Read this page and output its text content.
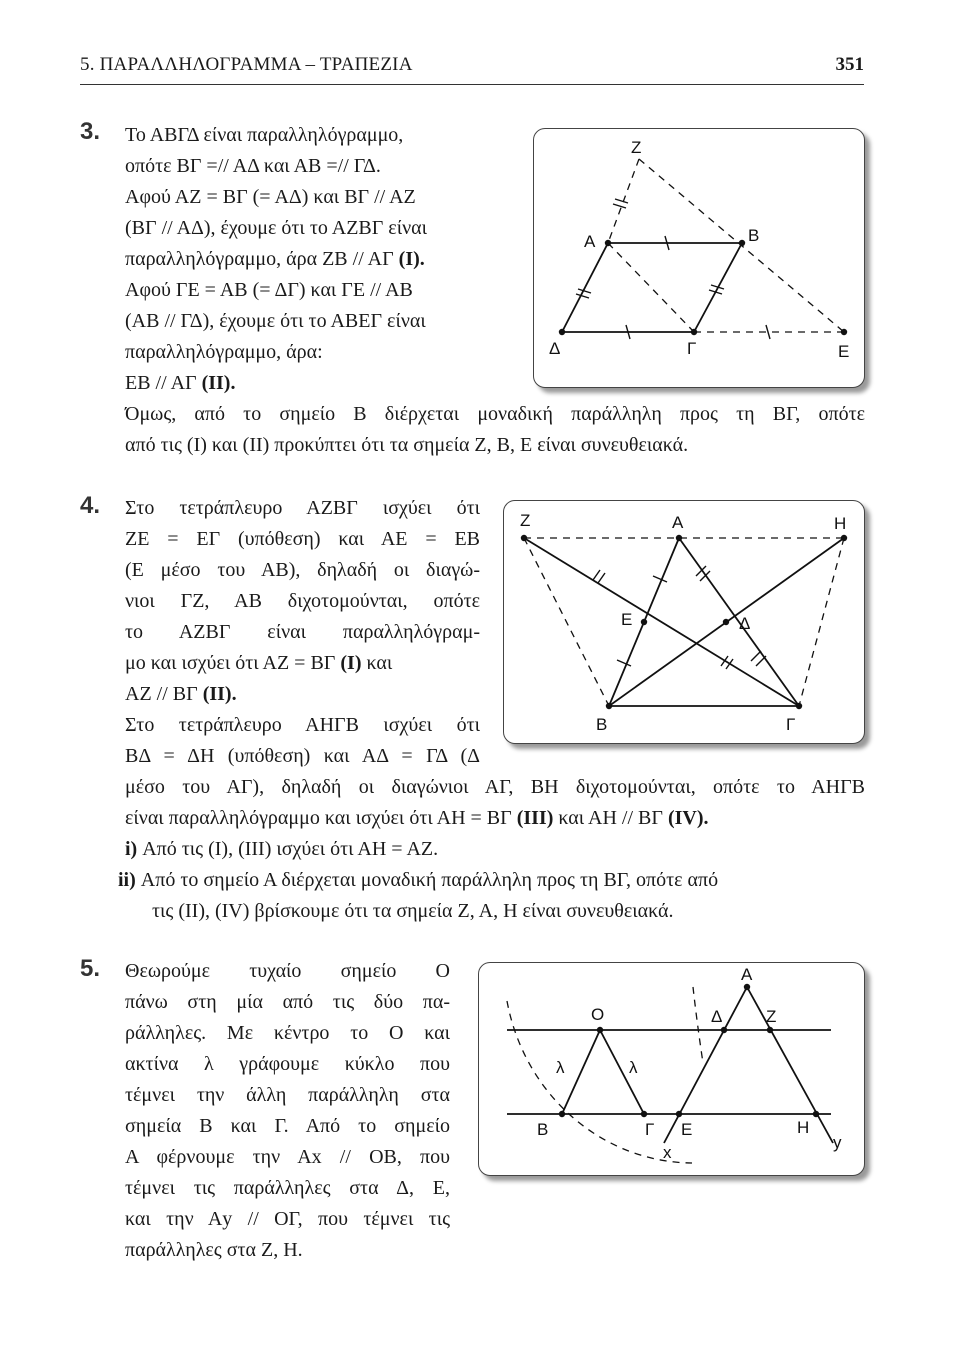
5. ΠΑΡΑΛΛΗΛΟΓΡΑΜΜΑ – ΤΡΑΠΕΖΙΑ	351
3. Το ΑΒΓΔ είναι παραλληλόγραμμο,
οπότε ΒΓ =// ΑΔ και ΑΒ =// ΓΔ.
Αφού ΑΖ = ΒΓ (= ΑΔ) και ΒΓ // ΑΖ
(ΒΓ // ΑΔ), έχουμε ότι το ΑΖΒΓ είναι
παραλληλόγραμμο, άρα ΖΒ // ΑΓ (Ι).
Αφού ΓΕ = ΑΒ (= ΔΓ) και ΓΕ // ΑΒ
(ΑΒ // ΓΔ), έχουμε ότι το ΑΒΕΓ είναι
παραλληλόγραμμο, άρα:
ΕΒ // ΑΓ (ΙΙ).
Όμως, από το σημείο Β διέρχεται μοναδική παράλληλη προς τη ΒΓ, οπότε
από τις (Ι) και (ΙΙ) προκύπτει ότι τα σημεία Ζ, Β, Ε είναι συνευθειακά.
Ζ
Α	Β
Δ	Γ	Ε
4. Στο τετράπλευρο ΑΖΒΓ ισχύει ότι
ΖΕ = ΕΓ (υπόθεση) και ΑΕ = ΕΒ
(Ε μέσο του ΑΒ), δηλαδή οι διαγώ-
νιοι ΓΖ, ΑΒ διχοτομούνται, οπότε
το ΑΖΒΓ είναι παραλληλόγραμ-
μο και ισχύει ότι ΑΖ = ΒΓ (Ι) και
ΑΖ // ΒΓ (ΙΙ).
Στο τετράπλευρο ΑΗΓΒ ισχύει ότι
ΒΔ = ΔΗ (υπόθεση) και ΑΔ = ΓΔ (Δ
μέσο του ΑΓ), δηλαδή οι διαγώνιοι ΑΓ, ΒΗ διχοτομούνται, οπότε το ΑΗΓΒ
είναι παραλληλόγραμμο και ισχύει ότι ΑΗ = ΒΓ (ΙΙΙ) και ΑΗ // ΒΓ (ΙV).
i) Από τις (Ι), (ΙΙΙ) ισχύει ότι ΑΗ = ΑΖ.
ii) Από το σημείο Α διέρχεται μοναδική παράλληλη προς τη ΒΓ, οπότε από
τις (ΙΙ), (ΙV) βρίσκουμε ότι τα σημεία Ζ, Α, Η είναι συνευθειακά.
Ζ	Α	Η
Ε	Δ
Β	Γ
5. Θεωρούμε τυχαίο σημείο Ο
πάνω στη μία από τις δύο πα-
ράλληλες. Με κέντρο το Ο και
ακτίνα λ γράφουμε κύκλο που
τέμνει την άλλη παράλληλη στα
σημεία Β και Γ. Από το σημείο
Α φέρνουμε την Αx // ΟΒ, που
τέμνει τις παράλληλες στα Δ, Ε,
και την Αy // ΟΓ, που τέμνει τις
παράλληλες στα Ζ, Η.
Α
Ο	Δ	Ζ
λ	λ
Β	Γ Ε	Η
x
y
